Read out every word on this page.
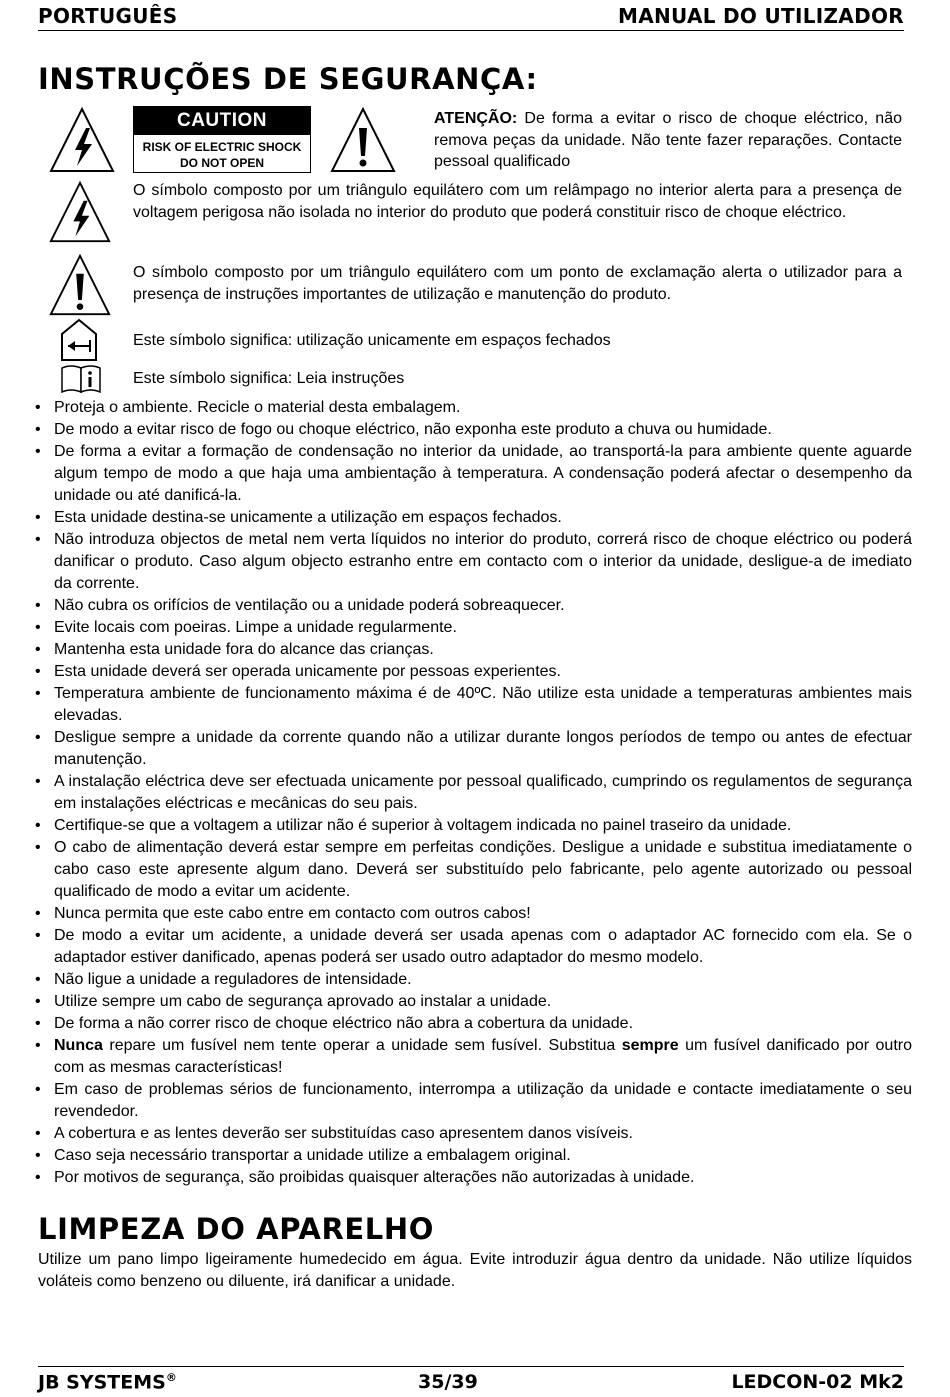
PORTUGUÊS	MANUAL DO UTILIZADOR
INSTRUÇÕES DE SEGURANÇA:
CAUTION
RISK OF ELECTRIC SHOCK
DO NOT OPEN
ATENÇÃO: De forma a evitar o risco de choque eléctrico, não remova peças da unidade. Não tente fazer reparações. Contacte pessoal qualificado
O símbolo composto por um triângulo equilátero com um relâmpago no interior alerta para a presença de voltagem perigosa não isolada no interior do produto que poderá constituir risco de choque eléctrico.
O símbolo composto por um triângulo equilátero com um ponto de exclamação alerta o utilizador para a presença de instruções importantes de utilização e manutenção do produto.
Este símbolo significa: utilização unicamente em espaços fechados
Este símbolo significa: Leia instruções
• Proteja o ambiente. Recicle o material desta embalagem.
• De modo a evitar risco de fogo ou choque eléctrico, não exponha este produto a chuva ou humidade.
• De forma a evitar a formação de condensação no interior da unidade, ao transportá-la para ambiente quente aguarde algum tempo de modo a que haja uma ambientação à temperatura. A condensação poderá afectar o desempenho da unidade ou até danificá-la.
• Esta unidade destina-se unicamente a utilização em espaços fechados.
• Não introduza objectos de metal nem verta líquidos no interior do produto, correrá risco de choque eléctrico ou poderá danificar o produto. Caso algum objecto estranho entre em contacto com o interior da unidade, desligue-a de imediato da corrente.
• Não cubra os orifícios de ventilação ou a unidade poderá sobreaquecer.
• Evite locais com poeiras. Limpe a unidade regularmente.
• Mantenha esta unidade fora do alcance das crianças.
• Esta unidade deverá ser operada unicamente por pessoas experientes.
• Temperatura ambiente de funcionamento máxima é de 40ºC. Não utilize esta unidade a temperaturas ambientes mais elevadas.
• Desligue sempre a unidade da corrente quando não a utilizar durante longos períodos de tempo ou antes de efectuar manutenção.
• A instalação eléctrica deve ser efectuada unicamente por pessoal qualificado, cumprindo os regulamentos de segurança em instalações eléctricas e mecânicas do seu pais.
• Certifique-se que a voltagem a utilizar não é superior à voltagem indicada no painel traseiro da unidade.
• O cabo de alimentação deverá estar sempre em perfeitas condições. Desligue a unidade e substitua imediatamente o cabo caso este apresente algum dano. Deverá ser substituído pelo fabricante, pelo agente autorizado ou pessoal qualificado de modo a evitar um acidente.
• Nunca permita que este cabo entre em contacto com outros cabos!
• De modo a evitar um acidente, a unidade deverá ser usada apenas com o adaptador AC fornecido com ela. Se o adaptador estiver danificado, apenas poderá ser usado outro adaptador do mesmo modelo.
• Não ligue a unidade a reguladores de intensidade.
• Utilize sempre um cabo de segurança aprovado ao instalar a unidade.
• De forma a não correr risco de choque eléctrico não abra a cobertura da unidade.
• Nunca repare um fusível nem tente operar a unidade sem fusível. Substitua sempre um fusível danificado por outro com as mesmas características!
• Em caso de problemas sérios de funcionamento, interrompa a utilização da unidade e contacte imediatamente o seu revendedor.
• A cobertura e as lentes deverão ser substituídas caso apresentem danos visíveis.
• Caso seja necessário transportar a unidade utilize a embalagem original.
• Por motivos de segurança, são proibidas quaisquer alterações não autorizadas à unidade.
LIMPEZA DO APARELHO
Utilize um pano limpo ligeiramente humedecido em água. Evite introduzir água dentro da unidade. Não utilize líquidos voláteis como benzeno ou diluente, irá danificar a unidade.
JB SYSTEMS®	35/39	LEDCON-02 Mk2
